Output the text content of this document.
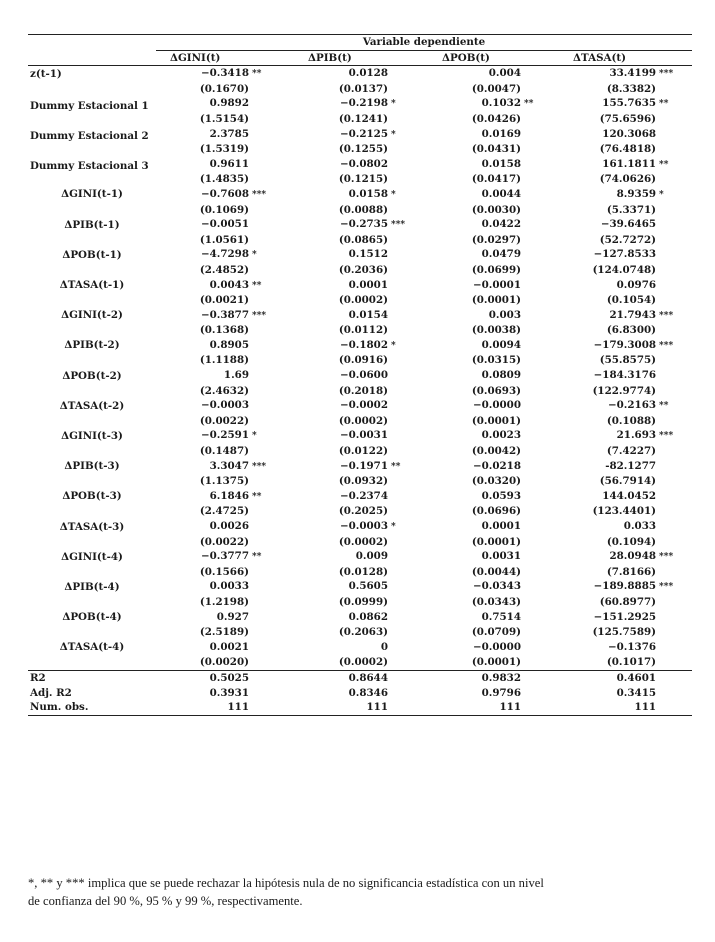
	Variable dependiente			
	ΔGINI(t)	ΔPIB(t)	ΔPOB(t)	ΔTASA(t)
z(t-1)	−0.3418 **	0.0128	0.004	33.4199 ***
	(0.1670)	(0.0137)	(0.0047)	(8.3382)
Dummy Estacional 1	0.9892	−0.2198 *	0.1032 **	155.7635 **
	(1.5154)	(0.1241)	(0.0426)	(75.6596)
Dummy Estacional 2	2.3785	−0.2125 *	0.0169	120.3068
	(1.5319)	(0.1255)	(0.0431)	(76.4818)
Dummy Estacional 3	0.9611	−0.0802	0.0158	161.1811 **
	(1.4835)	(0.1215)	(0.0417)	(74.0626)
ΔGINI(t-1)	−0.7608 ***	0.0158 *	0.0044	8.9359 *
	(0.1069)	(0.0088)	(0.0030)	(5.3371)
ΔPIB(t-1)	−0.0051	−0.2735 ***	0.0422	−39.6465
	(1.0561)	(0.0865)	(0.0297)	(52.7272)
ΔPOB(t-1)	−4.7298 *	0.1512	0.0479	−127.8533
	(2.4852)	(0.2036)	(0.0699)	(124.0748)
ΔTASA(t-1)	0.0043 **	0.0001	−0.0001	0.0976
	(0.0021)	(0.0002)	(0.0001)	(0.1054)
ΔGINI(t-2)	−0.3877 ***	0.0154	0.003	21.7943 ***
	(0.1368)	(0.0112)	(0.0038)	(6.8300)
ΔPIB(t-2)	0.8905	−0.1802 *	0.0094	−179.3008 ***
	(1.1188)	(0.0916)	(0.0315)	(55.8575)
ΔPOB(t-2)	1.69	−0.0600	0.0809	−184.3176
	(2.4632)	(0.2018)	(0.0693)	(122.9774)
ΔTASA(t-2)	−0.0003	−0.0002	−0.0000	−0.2163 **
	(0.0022)	(0.0002)	(0.0001)	(0.1088)
ΔGINI(t-3)	−0.2591 *	−0.0031	0.0023	21.693 ***
	(0.1487)	(0.0122)	(0.0042)	(7.4227)
ΔPIB(t-3)	3.3047 ***	−0.1971 **	−0.0218	-82.1277
	(1.1375)	(0.0932)	(0.0320)	(56.7914)
ΔPOB(t-3)	6.1846 **	−0.2374	0.0593	144.0452
	(2.4725)	(0.2025)	(0.0696)	(123.4401)
ΔTASA(t-3)	0.0026	−0.0003 *	0.0001	0.033
	(0.0022)	(0.0002)	(0.0001)	(0.1094)
ΔGINI(t-4)	−0.3777 **	0.009	0.0031	28.0948 ***
	(0.1566)	(0.0128)	(0.0044)	(7.8166)
ΔPIB(t-4)	0.0033	0.5605	−0.0343	−189.8885 ***
	(1.2198)	(0.0999)	(0.0343)	(60.8977)
ΔPOB(t-4)	0.927	0.0862	0.7514	−151.2925
	(2.5189)	(0.2063)	(0.0709)	(125.7589)
ΔTASA(t-4)	0.0021	0	−0.0000	−0.1376
	(0.0020)	(0.0002)	(0.0001)	(0.1017)
R2	0.5025	0.8644	0.9832	0.4601
Adj. R2	0.3931	0.8346	0.9796	0.3415
Num. obs.	111	111	111	111
*, ** y *** implica que se puede rechazar la hipótesis nula de no significancia estadística con un nivel
de confianza del 90 %, 95 % y 99 %, respectivamente.
